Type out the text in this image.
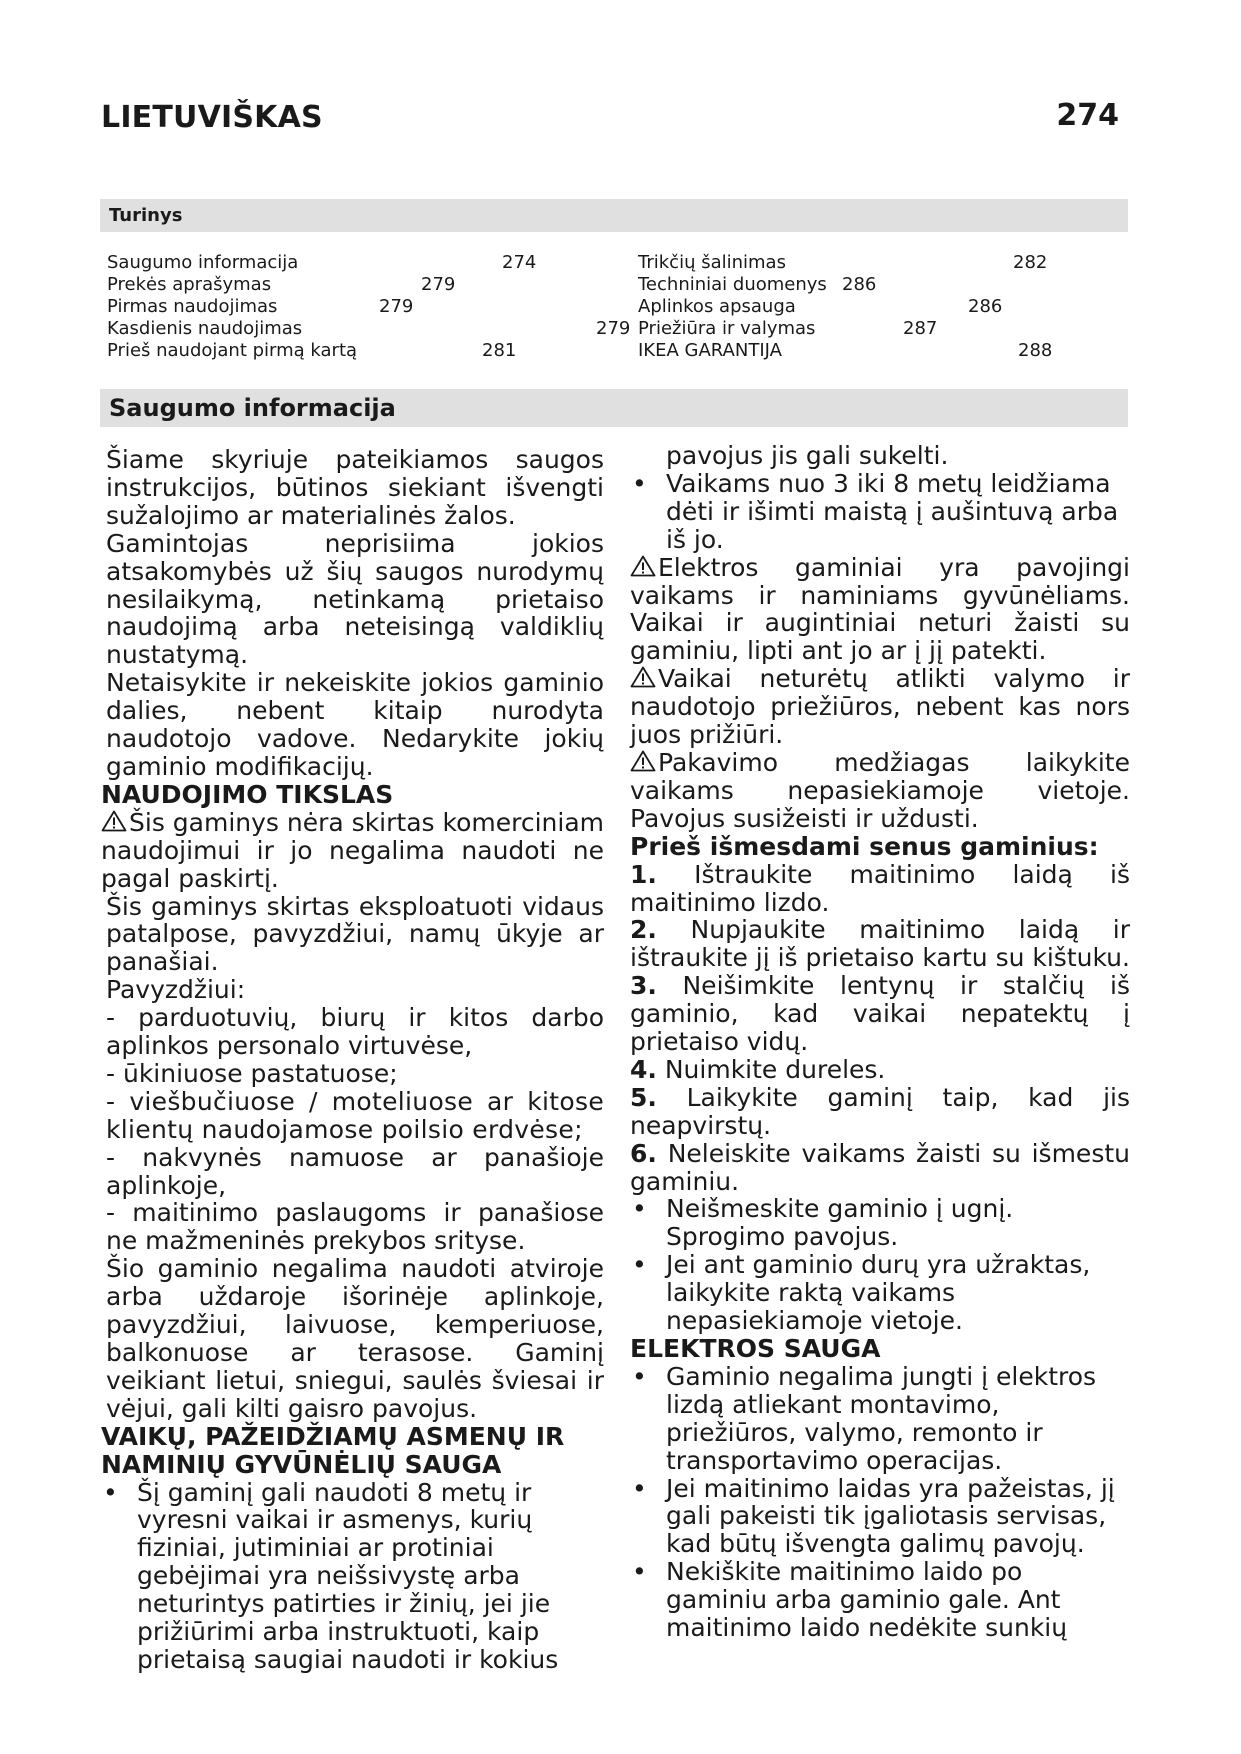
LIETUVIŠKAS	274
Turinys
Saugumo informacija	274
Prekės aprašymas	279
Pirmas naudojimas	279
Kasdienis naudojimas	279
Prieš naudojant pirmą kartą	281
Trikčių šalinimas	282
Techniniai duomenys 286
Aplinkos apsauga	286
Priežiūra ir valymas	287
IKEA GARANTIJA	288
Saugumo informacija

Šiame skyriuje pateikiamos saugos instrukcijos, būtinos siekiant išvengti sužalojimo ar materialinės žalos.

Gamintojas neprisiima jokios atsakomybės už šių saugos nurodymų nesilaikymą, netinkamą prietaiso naudojimą arba neteisingą valdiklių nustatymą.

Netaisykite ir nekeiskite jokios gaminio dalies, nebent kitaip nurodyta naudotojo vadove. Nedarykite jokių gaminio modifikacijų.

NAUDOJIMO TIKSLAS

Šis gaminys nėra skirtas komerciniam naudojimui ir jo negalima naudoti ne pagal paskirtį.

Šis gaminys skirtas eksploatuoti vidaus patalpose, pavyzdžiui, namų ūkyje ar panašiai.

Pavyzdžiui:

- parduotuvių, biurų ir kitos darbo aplinkos personalo virtuvėse,

- ūkiniuose pastatuose;

- viešbučiuose / moteliuose ar kitose klientų naudojamose poilsio erdvėse;

- nakvynės namuose ar panašioje aplinkoje,

- maitinimo paslaugoms ir panašiose ne mažmeninės prekybos srityse.

Šio gaminio negalima naudoti atviroje arba uždaroje išorinėje aplinkoje, pavyzdžiui, laivuose, kemperiuose, balkonuose ar terasose. Gaminį veikiant lietui, sniegui, saulės šviesai ir vėjui, gali kilti gaisro pavojus.

VAIKŲ, PAŽEIDŽIAMŲ ASMENŲ IR NAMINIŲ GYVŪNĖLIŲ SAUGA

• Šį gaminį gali naudoti 8 metų ir vyresni vaikai ir asmenys, kurių fiziniai, jutiminiai ar protiniai gebėjimai yra neišsivystę arba neturintys patirties ir žinių, jei jie prižiūrimi arba instruktuoti, kaip prietaisą saugiai naudoti ir kokius

pavojus jis gali sukelti.

• Vaikams nuo 3 iki 8 metų leidžiama dėti ir išimti maistą į aušintuvą arba iš jo.

Elektros gaminiai yra pavojingi vaikams ir naminiams gyvūnėliams. Vaikai ir augintiniai neturi žaisti su gaminiu, lipti ant jo ar į jį patekti.

Vaikai neturėtų atlikti valymo ir naudotojo priežiūros, nebent kas nors juos prižiūri.

Pakavimo medžiagas laikykite vaikams nepasiekiamoje vietoje. Pavojus susižeisti ir uždusti.

Prieš išmesdami senus gaminius:

1. Ištraukite maitinimo laidą iš maitinimo lizdo.

2. Nupjaukite maitinimo laidą ir ištraukite jį iš prietaiso kartu su kištuku.

3. Neišimkite lentynų ir stalčių iš gaminio, kad vaikai nepatektų į prietaiso vidų.

4. Nuimkite dureles.

5. Laikykite gaminį taip, kad jis neapvirstų.

6. Neleiskite vaikams žaisti su išmestu gaminiu.

• Neišmeskite gaminio į ugnį. Sprogimo pavojus.

• Jei ant gaminio durų yra užraktas, laikykite raktą vaikams nepasiekiamoje vietoje.

ELEKTROS SAUGA

• Gaminio negalima jungti į elektros lizdą atliekant montavimo, priežiūros, valymo, remonto ir transportavimo operacijas.

• Jei maitinimo laidas yra pažeistas, jį gali pakeisti tik įgaliotasis servisas, kad būtų išvengta galimų pavojų.

• Nekiškite maitinimo laido po gaminiu arba gaminio gale. Ant maitinimo laido nedėkite sunkių
